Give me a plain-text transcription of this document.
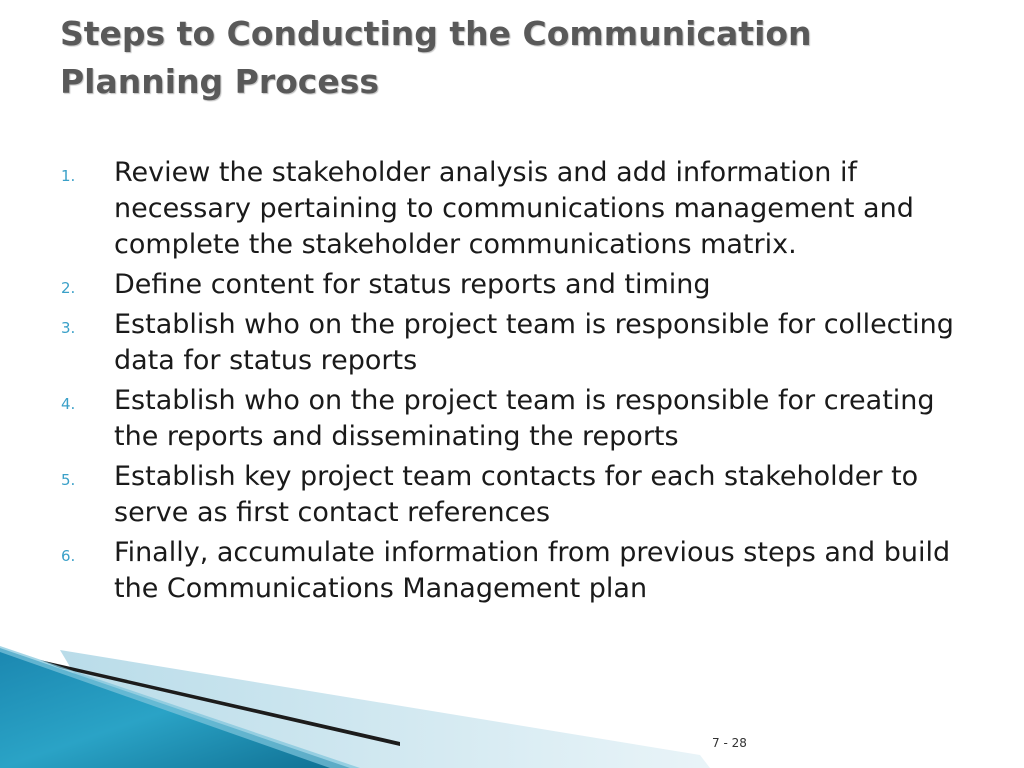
Steps to Conducting the Communication
Planning Process
1. Review the stakeholder analysis and add information if necessary pertaining to communications management and complete the stakeholder communications matrix.
2. Define content for status reports and timing
3. Establish who on the project team is responsible for collecting data for status reports
4. Establish who on the project team is responsible for creating the reports and disseminating the reports
5. Establish key project team contacts for each stakeholder to serve as first contact references
6. Finally, accumulate information from previous steps and build the Communications Management plan
7 - 28
